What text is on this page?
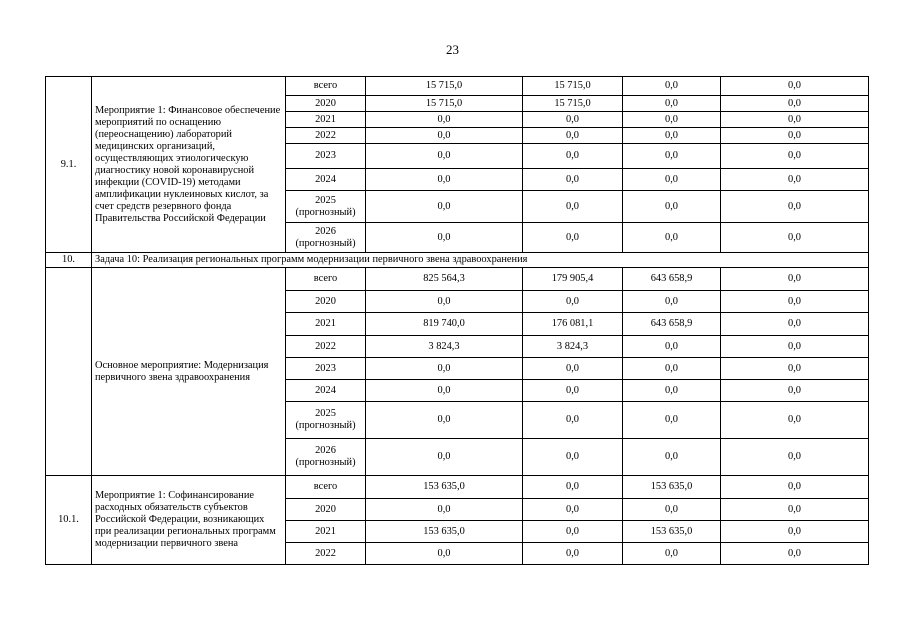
23
9.1.	Мероприятие 1: Финансовое обеспечение мероприятий по оснащению (переоснащению) лабораторий медицинских организаций, осуществляющих этиологическую диагностику новой коронавирусной инфекции (COVID-19) методами амплификации нуклеиновых кислот, за счет средств резервного фонда Правительства Российской Федерации	всего	15 715,0	15 715,0	0,0	0,0
		2020	15 715,0	15 715,0	0,0	0,0
		2021	0,0	0,0	0,0	0,0
		2022	0,0	0,0	0,0	0,0
		2023	0,0	0,0	0,0	0,0
		2024	0,0	0,0	0,0	0,0
		2025 (прогнозный)	0,0	0,0	0,0	0,0
		2026 (прогнозный)	0,0	0,0	0,0	0,0
10.	Задача 10: Реализация региональных программ модернизации первичного звена здравоохранения					
	Основное мероприятие: Модернизация первичного звена здравоохранения	всего	825 564,3	179 905,4	643 658,9	0,0
		2020	0,0	0,0	0,0	0,0
		2021	819 740,0	176 081,1	643 658,9	0,0
		2022	3 824,3	3 824,3	0,0	0,0
		2023	0,0	0,0	0,0	0,0
		2024	0,0	0,0	0,0	0,0
		2025 (прогнозный)	0,0	0,0	0,0	0,0
		2026 (прогнозный)	0,0	0,0	0,0	0,0
10.1.	Мероприятие 1: Софинансирование расходных обязательств субъектов Российской Федерации, возникающих при реализации региональных программ модернизации первичного звена	всего	153 635,0	0,0	153 635,0	0,0
		2020	0,0	0,0	0,0	0,0
		2021	153 635,0	0,0	153 635,0	0,0
		2022	0,0	0,0	0,0	0,0
